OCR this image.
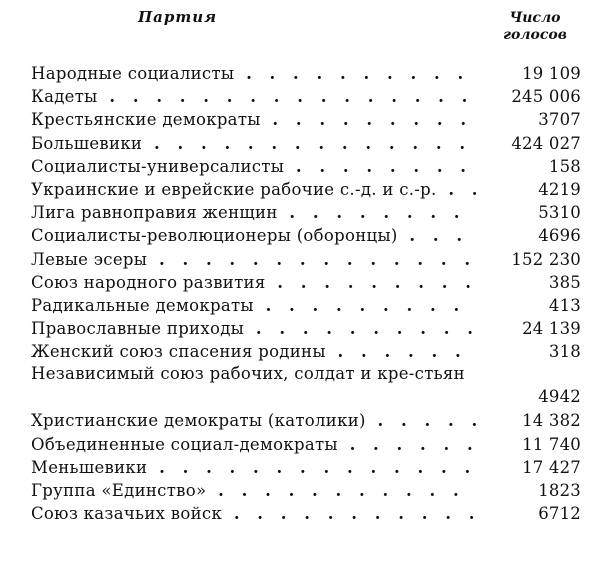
Партия	Число
голосов
Народные социалисты . . .	19 109
Кадеты . . .	245 006
Крестьянские демократы . . .	3707
Большевики . . .	424 027
Социалисты-универсалисты . . .	158
Украинские и еврейские рабочие с.-д. и с.-р. . . .	4219
Лига равноправия женщин . . .	5310
Социалисты-революционеры (оборонцы) . . .	4696
Левые эсеры . . .	152 230
Союз народного развития . . .	385
Радикальные демократы . . .	413
Православные приходы . . .	24 139
Женский союз спасения родины . . .	318
Независимый союз рабочих, солдат и кре-стьян
4942
Христианские демократы (католики) . . .	14 382
Объединенные социал-демократы . . .	11 740
Меньшевики . . .	17 427
Группа «Единство» . . .	1823
Союз казачьих войск . . .	6712
